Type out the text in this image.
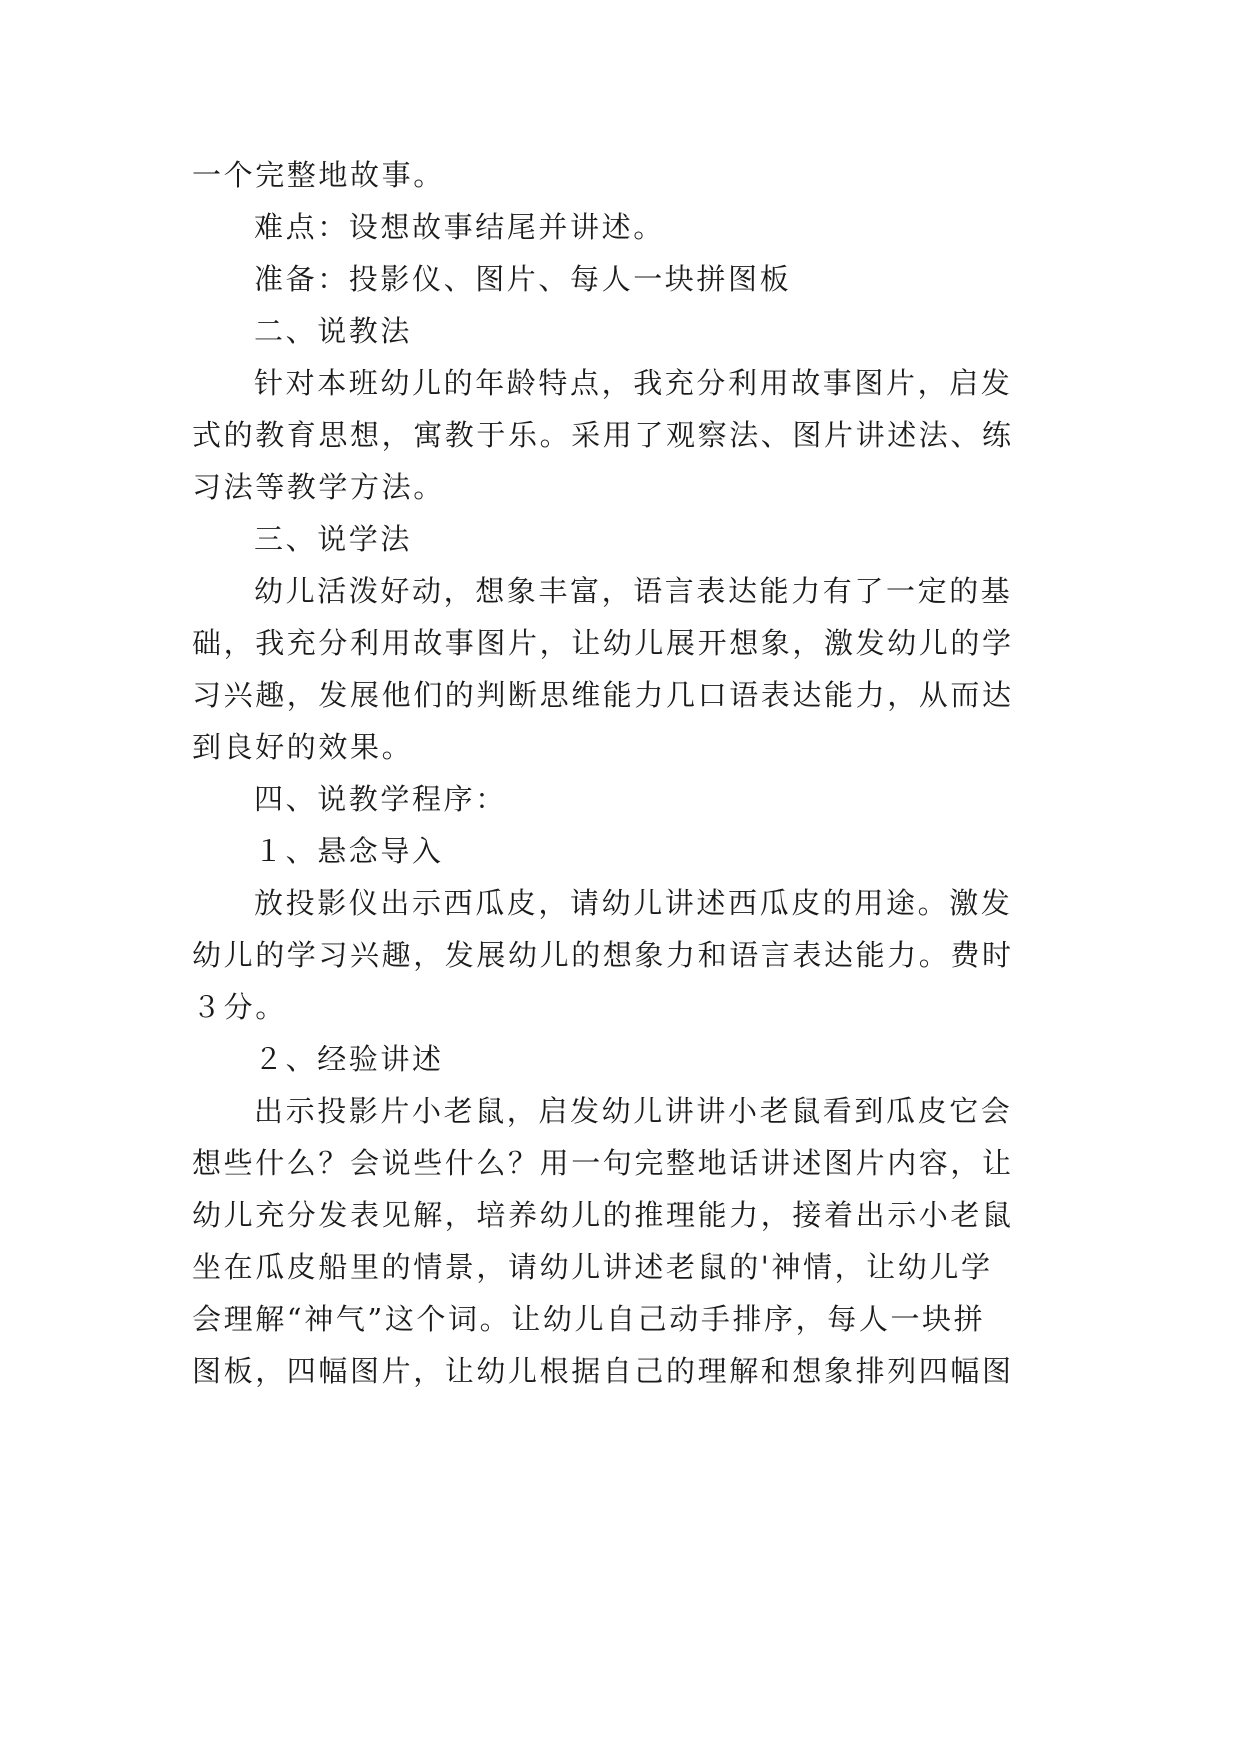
一个完整地故事。
难点：设想故事结尾并讲述。
准备：投影仪、图片、每人一块拼图板
二、说教法
针对本班幼儿的年龄特点，我充分利用故事图片，启发
式的教育思想，寓教于乐。采用了观察法、图片讲述法、练
习法等教学方法。
三、说学法
幼儿活泼好动，想象丰富，语言表达能力有了一定的基
础，我充分利用故事图片，让幼儿展开想象，激发幼儿的学
习兴趣，发展他们的判断思维能力几口语表达能力，从而达
到良好的效果。
四、说教学程序：
１、悬念导入
放投影仪出示西瓜皮，请幼儿讲述西瓜皮的用途。激发
幼儿的学习兴趣，发展幼儿的想象力和语言表达能力。费时
３分。
２、经验讲述
出示投影片小老鼠，启发幼儿讲讲小老鼠看到瓜皮它会
想些什么？会说些什么？用一句完整地话讲述图片内容，让
幼儿充分发表见解，培养幼儿的推理能力，接着出示小老鼠
坐在瓜皮船里的情景，请幼儿讲述老鼠的'神情，让幼儿学
会理解“神气”这个词。让幼儿自己动手排序，每人一块拼
图板，四幅图片，让幼儿根据自己的理解和想象排列四幅图
